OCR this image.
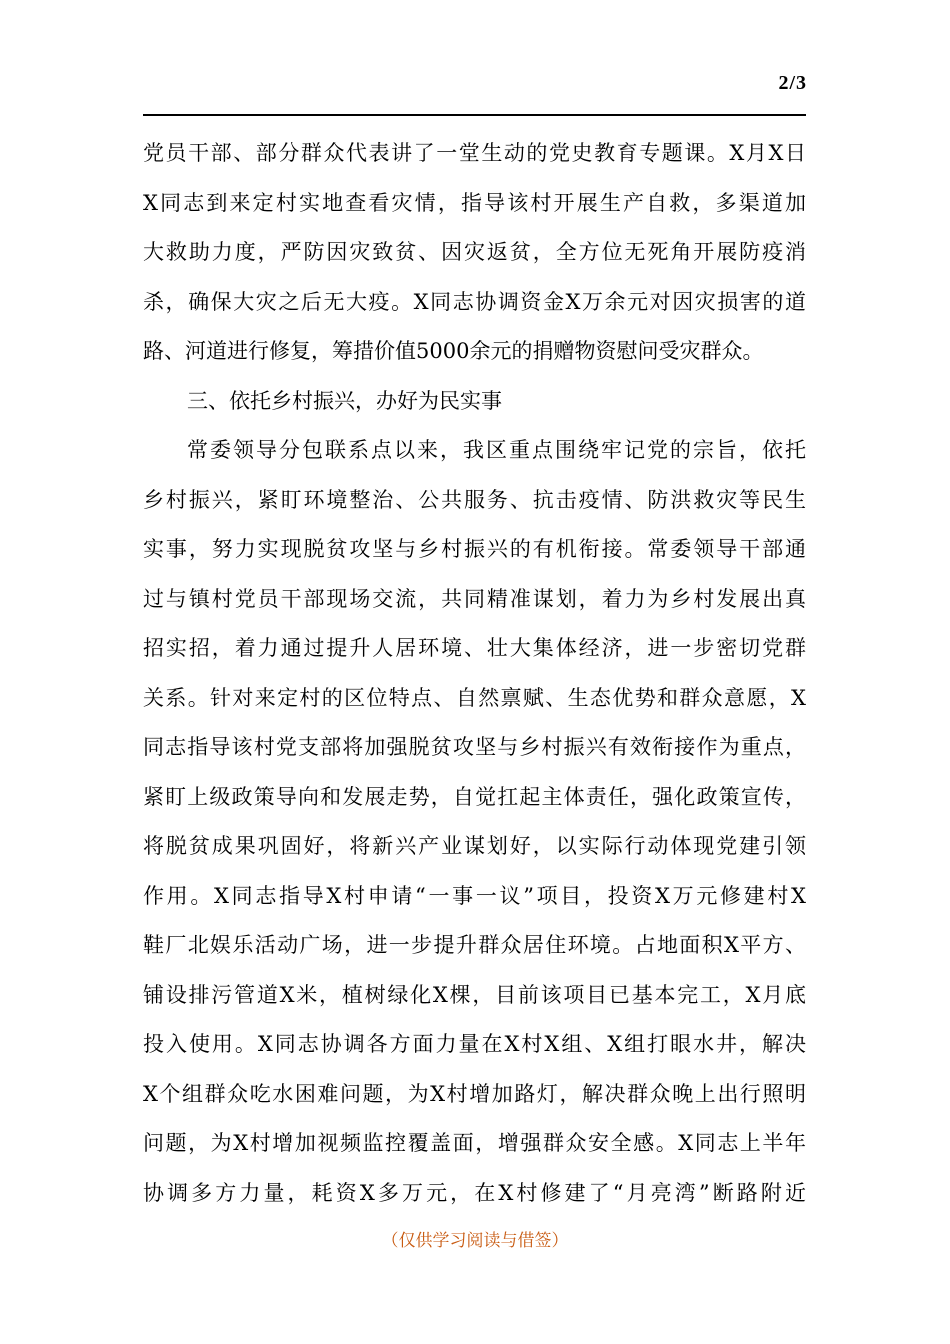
2/3
党员干部、部分群众代表讲了一堂生动的党史教育专题课。X月X日
X同志到来定村实地查看灾情，指导该村开展生产自救，多渠道加
大救助力度，严防因灾致贫、因灾返贫，全方位无死角开展防疫消
杀，确保大灾之后无大疫。X同志协调资金X万余元对因灾损害的道
路、河道进行修复，筹措价值5000余元的捐赠物资慰问受灾群众。
三、依托乡村振兴，办好为民实事
常委领导分包联系点以来，我区重点围绕牢记党的宗旨，依托
乡村振兴，紧盯环境整治、公共服务、抗击疫情、防洪救灾等民生
实事，努力实现脱贫攻坚与乡村振兴的有机衔接。常委领导干部通
过与镇村党员干部现场交流，共同精准谋划，着力为乡村发展出真
招实招，着力通过提升人居环境、壮大集体经济，进一步密切党群
关系。针对来定村的区位特点、自然禀赋、生态优势和群众意愿，X
同志指导该村党支部将加强脱贫攻坚与乡村振兴有效衔接作为重点，
紧盯上级政策导向和发展走势，自觉扛起主体责任，强化政策宣传，
将脱贫成果巩固好，将新兴产业谋划好，以实际行动体现党建引领
作用。X同志指导X村申请“一事一议”项目，投资X万元修建村X
鞋厂北娱乐活动广场，进一步提升群众居住环境。占地面积X平方、
铺设排污管道X米，植树绿化X棵，目前该项目已基本完工，X月底
投入使用。X同志协调各方面力量在X村X组、X组打眼水井，解决
X个组群众吃水困难问题，为X村增加路灯，解决群众晚上出行照明
问题，为X村增加视频监控覆盖面，增强群众安全感。X同志上半年
协调多方力量，耗资X多万元，在X村修建了“月亮湾”断路附近
（仅供学习阅读与借签）
